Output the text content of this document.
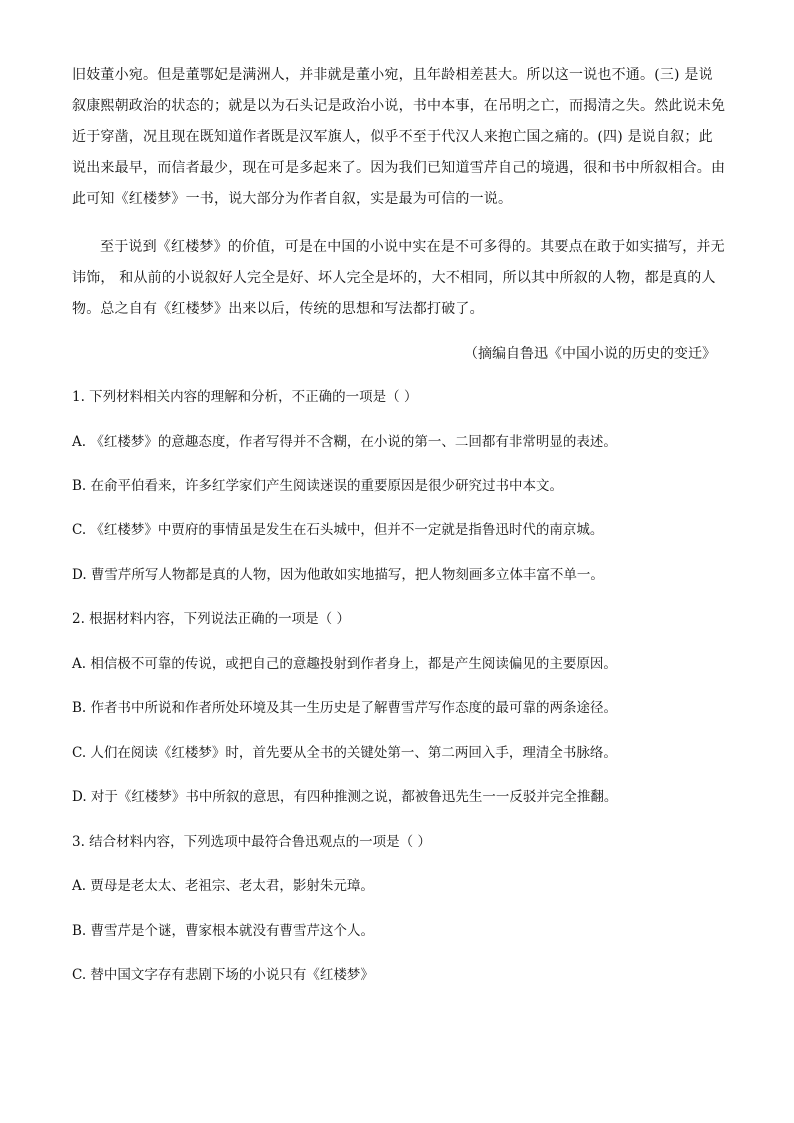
旧妓董小宛。但是董鄂妃是满洲人，并非就是董小宛，且年龄相差甚大。所以这一说也不通。(三) 是说
叙康熙朝政治的状态的；就是以为石头记是政治小说，书中本事，在吊明之亡，而揭清之失。然此说未免
近于穿凿，况且现在既知道作者既是汉军旗人，似乎不至于代汉人来抱亡国之痛的。(四) 是说自叙；此
说出来最早，而信者最少，现在可是多起来了。因为我们已知道雪芹自己的境遇，很和书中所叙相合。由
此可知《红楼梦》一书，说大部分为作者自叙，实是最为可信的一说。

至于说到《红楼梦》的价值，可是在中国的小说中实在是不可多得的。其要点在敢于如实描写，并无
讳饰， 和从前的小说叙好人完全是好、坏人完全是坏的，大不相同，所以其中所叙的人物，都是真的人
物。总之自有《红楼梦》出来以后，传统的思想和写法都打破了。

（摘编自鲁迅《中国小说的历史的变迁》
1. 下列材料相关内容的理解和分析，不正确的一项是（ ）
A. 《红楼梦》的意趣态度，作者写得并不含糊，在小说的第一、二回都有非常明显的表述。
B. 在俞平伯看来，许多红学家们产生阅读迷误的重要原因是很少研究过书中本文。
C. 《红楼梦》中贾府的事情虽是发生在石头城中，但并不一定就是指鲁迅时代的南京城。
D. 曹雪芹所写人物都是真的人物，因为他敢如实地描写，把人物刻画多立体丰富不单一。
2. 根据材料内容，下列说法正确的一项是（ ）
A. 相信极不可靠的传说，或把自己的意趣投射到作者身上，都是产生阅读偏见的主要原因。
B. 作者书中所说和作者所处环境及其一生历史是了解曹雪芹写作态度的最可靠的两条途径。
C. 人们在阅读《红楼梦》时，首先要从全书的关键处第一、第二两回入手，理清全书脉络。
D. 对于《红楼梦》书中所叙的意思，有四种推测之说，都被鲁迅先生一一反驳并完全推翻。
3. 结合材料内容，下列选项中最符合鲁迅观点的一项是（ ）
A. 贾母是老太太、老祖宗、老太君，影射朱元璋。
B. 曹雪芹是个谜，曹家根本就没有曹雪芹这个人。
C. 替中国文字存有悲剧下场的小说只有《红楼梦》
